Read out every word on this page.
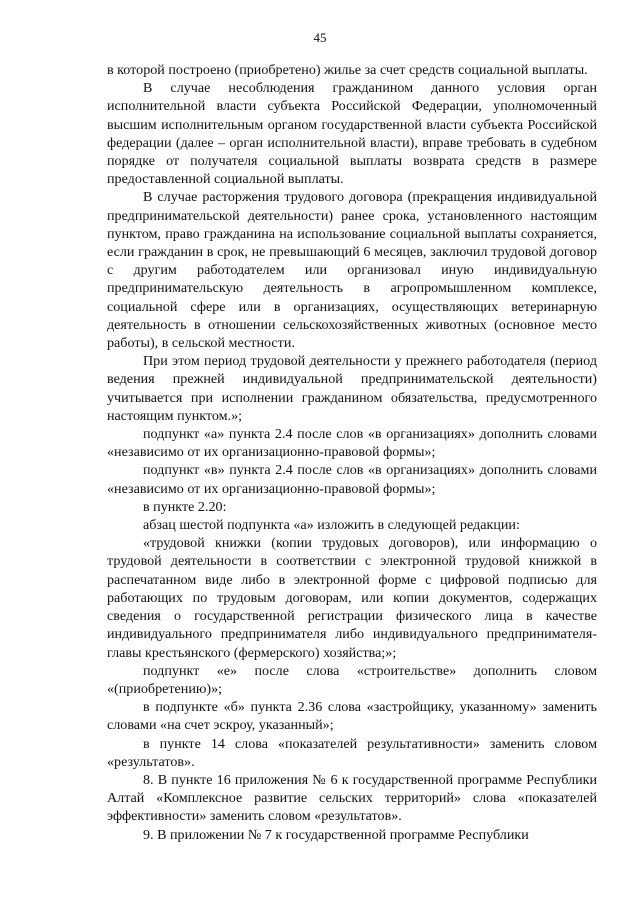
45

в которой построено (приобретено) жилье за счет средств социальной выплаты.

В случае несоблюдения гражданином данного условия орган исполнительной власти субъекта Российской Федерации, уполномоченный высшим исполнительным органом государственной власти субъекта Российской федерации (далее – орган исполнительной власти), вправе требовать в судебном порядке от получателя социальной выплаты возврата средств в размере предоставленной социальной выплаты.

В случае расторжения трудового договора (прекращения индивидуальной предпринимательской деятельности) ранее срока, установленного настоящим пунктом, право гражданина на использование социальной выплаты сохраняется, если гражданин в срок, не превышающий 6 месяцев, заключил трудовой договор с другим работодателем или организовал иную индивидуальную предпринимательскую деятельность в агропромышленном комплексе, социальной сфере или в организациях, осуществляющих ветеринарную деятельность в отношении сельскохозяйственных животных (основное место работы), в сельской местности.

При этом период трудовой деятельности у прежнего работодателя (период ведения прежней индивидуальной предпринимательской деятельности) учитывается при исполнении гражданином обязательства, предусмотренного настоящим пунктом.»;

подпункт «а» пункта 2.4 после слов «в организациях» дополнить словами «независимо от их организационно-правовой формы»;

подпункт «в» пункта 2.4 после слов «в организациях» дополнить словами «независимо от их организационно-правовой формы»;

в пункте 2.20:

абзац шестой подпункта «а» изложить в следующей редакции:

«трудовой книжки (копии трудовых договоров), или информацию о трудовой деятельности в соответствии с электронной трудовой книжкой в распечатанном виде либо в электронной форме с цифровой подписью для работающих по трудовым договорам, или копии документов, содержащих сведения о государственной регистрации физического лица в качестве индивидуального предпринимателя либо индивидуального предпринимателя- главы крестьянского (фермерского) хозяйства;»;

подпункт «е» после слова «строительстве» дополнить словом «(приобретению)»;

в подпункте «б» пункта 2.36 слова «застройщику, указанному» заменить словами «на счет эскроу, указанный»;

в пункте 14 слова «показателей результативности» заменить словом «результатов».

8. В пункте 16 приложения № 6 к государственной программе Республики Алтай «Комплексное развитие сельских территорий» слова «показателей эффективности» заменить словом «результатов».

9. В приложении № 7 к государственной программе Республики
